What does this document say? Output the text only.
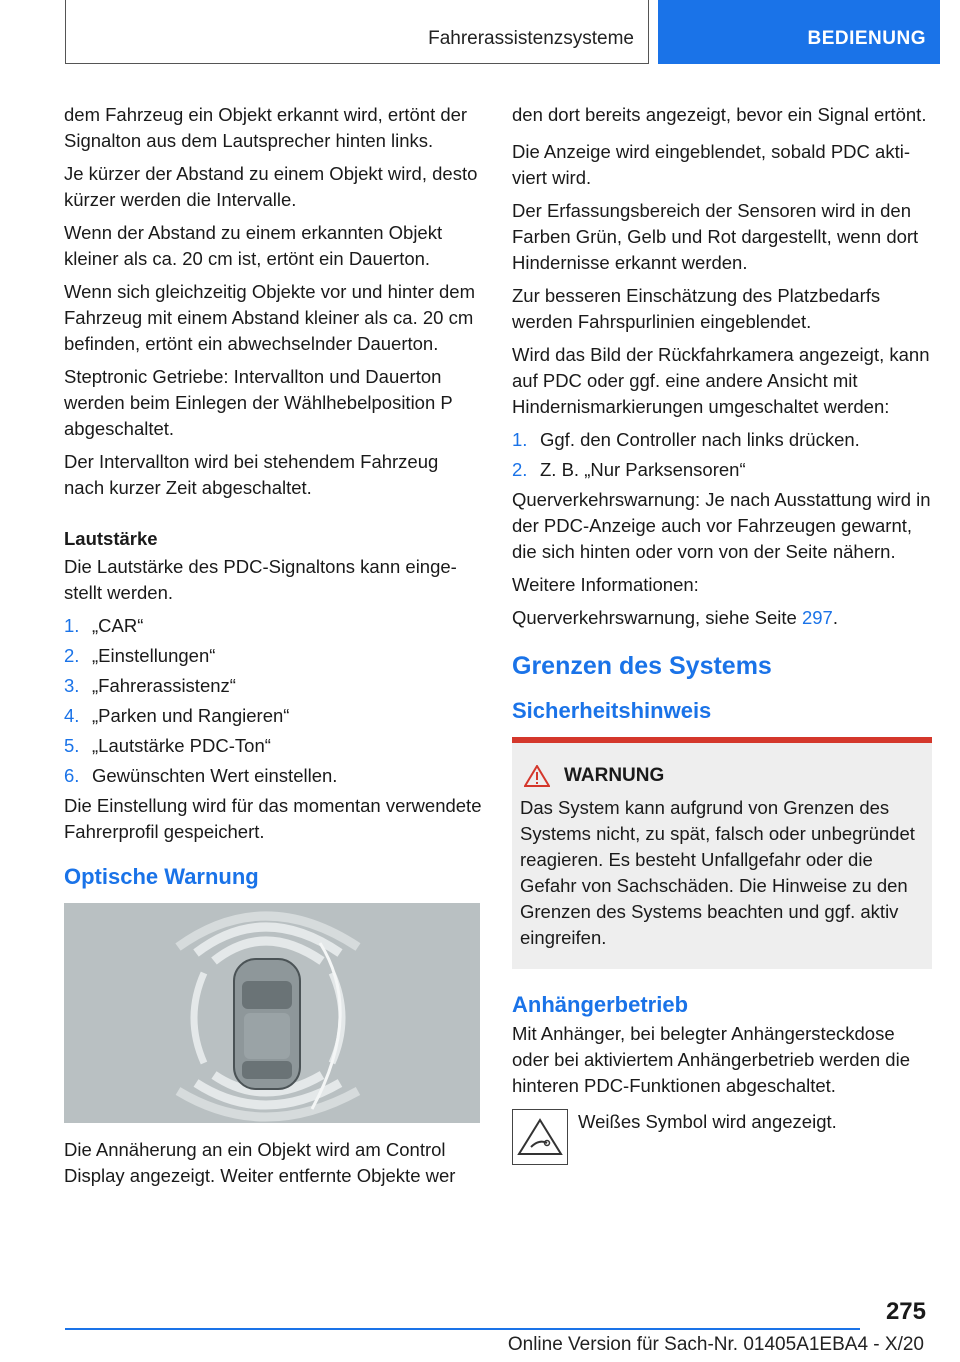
Fahrerassistenzsysteme	BEDIENUNG

dem Fahrzeug ein Objekt erkannt wird, ertönt der Signalton aus dem Lautsprecher hinten links.

Je kürzer der Abstand zu einem Objekt wird, desto kürzer werden die Intervalle.

Wenn der Abstand zu einem erkannten Objekt kleiner als ca. 20 cm ist, ertönt ein Dauerton.

Wenn sich gleichzeitig Objekte vor und hinter dem Fahrzeug mit einem Abstand kleiner als ca. 20 cm befinden, ertönt ein abwechselnder Dauerton.

Steptronic Getriebe: Intervallton und Dauerton werden beim Einlegen der Wählhebelposition P abgeschaltet.

Der Intervallton wird bei stehendem Fahrzeug nach kurzer Zeit abgeschaltet.

Lautstärke

Die Lautstärke des PDC-Signaltons kann eingestellt werden.

1. „CAR“
2. „Einstellungen“
3. „Fahrerassistenz“
4. „Parken und Rangieren“
5. „Lautstärke PDC-Ton“
6. Gewünschten Wert einstellen.

Die Einstellung wird für das momentan verwendete Fahrerprofil gespeichert.

Optische Warnung

Die Annäherung an ein Objekt wird am Control Display angezeigt. Weiter entfernte Objekte wer

den dort bereits angezeigt, bevor ein Signal ertönt.

Die Anzeige wird eingeblendet, sobald PDC aktiviert wird.

Der Erfassungsbereich der Sensoren wird in den Farben Grün, Gelb und Rot dargestellt, wenn dort Hindernisse erkannt werden.

Zur besseren Einschätzung des Platzbedarfs werden Fahrspurlinien eingeblendet.

Wird das Bild der Rückfahrkamera angezeigt, kann auf PDC oder ggf. eine andere Ansicht mit Hindernismarkierungen umgeschaltet werden:

1. Ggf. den Controller nach links drücken.
2. Z. B. „Nur Parksensoren“

Querverkehrswarnung: Je nach Ausstattung wird in der PDC-Anzeige auch vor Fahrzeugen gewarnt, die sich hinten oder vorn von der Seite nähern.

Weitere Informationen:

Querverkehrswarnung, siehe Seite 297.

Grenzen des Systems
Sicherheitshinweis
WARNUNG

Das System kann aufgrund von Grenzen des Systems nicht, zu spät, falsch oder unbegründet reagieren. Es besteht Unfallgefahr oder die Gefahr von Sachschäden. Die Hinweise zu den Grenzen des Systems beachten und ggf. aktiv eingreifen.

Anhängerbetrieb

Mit Anhänger, bei belegter Anhängersteckdose oder bei aktiviertem Anhängerbetrieb werden die hinteren PDC-Funktionen abgeschaltet.

Weißes Symbol wird angezeigt.

275
Online Version für Sach-Nr. 01405A1EBA4 - X/20
